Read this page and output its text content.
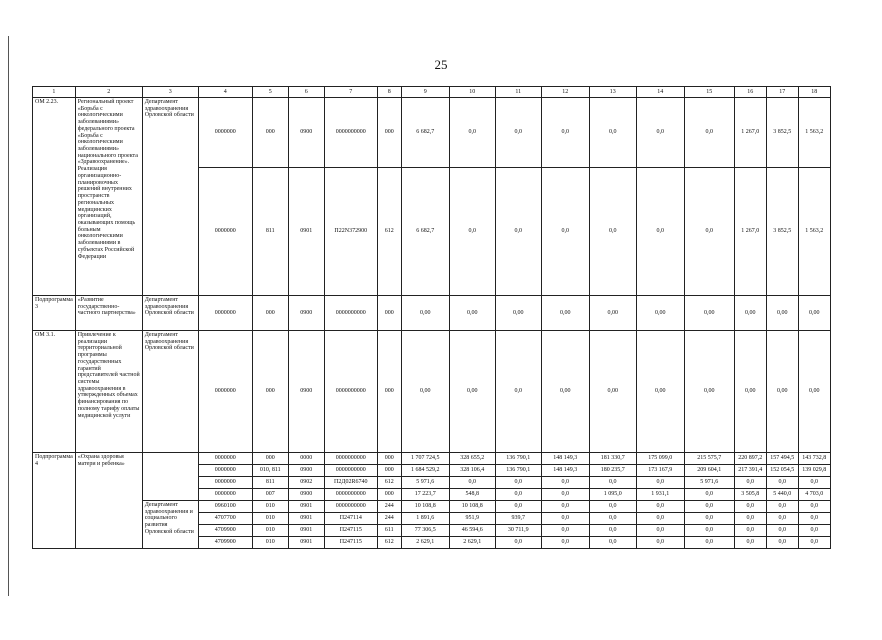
25
1	2	3	4	5	6	7	8	9	10	11	12	13	14	15	16	17	18
ОМ 2.23.	Региональный проект «Борьба с онкологическими заболеваниями» федерального проекта «Борьба с онкологическими заболеваниями» национального проекта «Здравоохранение». Реализация организационно-планировочных решений внутренних пространств региональных медицинских организаций, оказывающих помощь больным онкологическими заболеваниями в субъектах Российской Федерации	Департамент здравоохранения Орловской области	0000000	000	0900	0000000000	000	6 682,7	0,0	0,0	0,0	0,0	0,0	0,0	1 267,0	3 852,5	1 563,2
			0000000	811	0901	П22N372900	612	6 682,7	0,0	0,0	0,0	0,0	0,0	0,0	1 267,0	3 852,5	1 563,2
Подпрограмма 3	«Развитие государственно-частного партнерства»	Департамент здравоохранения Орловской области	0000000	000	0900	0000000000	000	0,00	0,00	0,00	0,00	0,00	0,00	0,00	0,00	0,00	0,00
ОМ 3.1.	Привлечение к реализации территориальной программы государственных гарантий представителей частной системы здравоохранения в утвержденных объемах финансирования по полному тарифу оплаты медицинской услуги	Департамент здравоохранения Орловской области	0000000	000	0900	0000000000	000	0,00	0,00	0,0	0,00	0,00	0,00	0,00	0,00	0,00	0,00
Подпрограмма 4	«Охрана здоровья матери и ребенка»		0000000	000	0000	0000000000	000	1 707 724,5	328 655,2	136 790,1	148 149,3	181 330,7	175 099,0	215 575,7	220 897,2	157 494,5	143 732,8
			0000000	010, 811	0900	0000000000	000	1 684 529,2	328 106,4	136 790,1	148 149,3	180 235,7	173 167,9	209 604,1	217 391,4	152 054,5	139 029,8
			0000000	811	0902	П2Д02R6740	612	5 971,6	0,0	0,0	0,0	0,0	0,0	5 971,6	0,0	0,0	0,0
			0000000	007	0900	0000000000	000	17 223,7	548,8	0,0	0,0	1 095,0	1 931,1	0,0	3 505,8	5 440,0	4 703,0
		Департамент здравоохранения и социального развития Орловской области	0960100	010	0901	0000000000	244	10 108,8	10 108,8	0,0	0,0	0,0	0,0	0,0	0,0	0,0	0,0
			4707700	010	0901	П247114	244	1 891,6	951,9	939,7	0,0	0,0	0,0	0,0	0,0	0,0	0,0
			4709900	010	0901	П247115	611	77 306,5	46 594,6	30 711,9	0,0	0,0	0,0	0,0	0,0	0,0	0,0
			4709900	010	0901	П247115	612	2 629,1	2 629,1	0,0	0,0	0,0	0,0	0,0	0,0	0,0	0,0
